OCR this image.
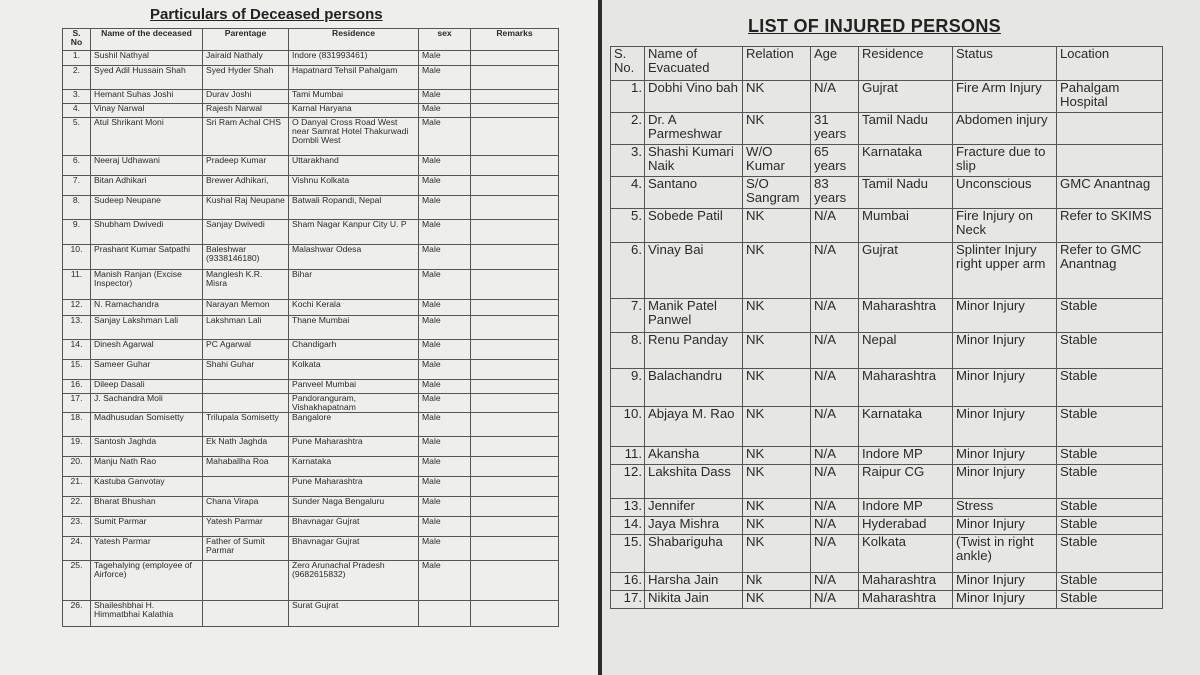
Particulars of Deceased persons
S. No	Name of the deceased	Parentage	Residence	sex	Remarks
1.	Sushil Nathyal	Jairaid Nathaly	Indore (831993461)	Male	
2.	Syed Adil Hussain Shah	Syed Hyder Shah	Hapatnard Tehsil Pahalgam	Male	
3.	Hemant Suhas Joshi	Durav Joshi	Tami Mumbai	Male	
4.	Vinay Narwal	Rajesh Narwal	Karnal Haryana	Male	
5.	Atul Shrikant Moni	Sri Ram Achal CHS	O Danyal Cross Road West near Samrat Hotel Thakurwadi Dombli West	Male	
6.	Neeraj Udhawani	Pradeep Kumar	Uttarakhand	Male	
7.	Bitan Adhikari	Brewer Adhikari,	Vishnu Kolkata	Male	
8.	Sudeep Neupane	Kushal Raj Neupane	Batwali Ropandi, Nepal	Male	
9.	Shubham Dwivedi	Sanjay Dwivedi	Sham Nagar Kanpur City U. P	Male	
10.	Prashant Kumar Satpathi	Baleshwar (9338146180)	Malashwar Odesa	Male	
11.	Manish Ranjan (Excise Inspector)	Manglesh K.R. Misra	Bihar	Male	
12.	N. Ramachandra	Narayan Memon	Kochi Kerala	Male	
13.	Sanjay Lakshman Lali	Lakshman Lali	Thane Mumbai	Male	
14.	Dinesh Agarwal	PC Agarwal	Chandigarh	Male	
15.	Sameer Guhar	Shahi Guhar	Kolkata	Male	
16.	Dileep Dasali		Panveel Mumbai	Male	
17.	J. Sachandra Moli		Pandoranguram, Vishakhapatnam	Male	
18.	Madhusudan Somisetty	Trilupala Somisetty	Bangalore	Male	
19.	Santosh Jaghda	Ek Nath Jaghda	Pune Maharashtra	Male	
20.	Manju Nath Rao	Mahaballha Roa	Karnataka	Male	
21.	Kastuba Ganvotay		Pune Maharashtra	Male	
22.	Bharat Bhushan	Chana Virapa	Sunder Naga Bengaluru	Male	
23.	Sumit Parmar	Yatesh Parmar	Bhavnagar Gujrat	Male	
24.	Yatesh Parmar	Father of Sumit Parmar	Bhavnagar Gujrat	Male	
25.	Tagehalying (employee of Airforce)		Zero Arunachal Pradesh (9682615832)	Male	
26.	Shaileshbhai H. Himmatbhai Kalathia		Surat Gujrat		
LIST OF INJURED PERSONS
S. No.	Name of Evacuated	Relation	Age	Residence	Status	Location
1.	Dobhi Vino bah	NK	N/A	Gujrat	Fire Arm Injury	Pahalgam Hospital
2.	Dr. A Parmeshwar	NK	31 years	Tamil Nadu	Abdomen injury	
3.	Shashi Kumari Naik	W/O Kumar	65 years	Karnataka	Fracture due to slip	
4.	Santano	S/O Sangram	83 years	Tamil Nadu	Unconscious	GMC Anantnag
5.	Sobede Patil	NK	N/A	Mumbai	Fire Injury on Neck	Refer to SKIMS
6.	Vinay Bai	NK	N/A	Gujrat	Splinter Injury right upper arm	Refer to GMC Anantnag
7.	Manik Patel Panwel	NK	N/A	Maharashtra	Minor Injury	Stable
8.	Renu Panday	NK	N/A	Nepal	Minor Injury	Stable
9.	Balachandru	NK	N/A	Maharashtra	Minor Injury	Stable
10.	Abjaya M. Rao	NK	N/A	Karnataka	Minor Injury	Stable
11.	Akansha	NK	N/A	Indore MP	Minor Injury	Stable
12.	Lakshita Dass	NK	N/A	Raipur CG	Minor Injury	Stable
13.	Jennifer	NK	N/A	Indore MP	Stress	Stable
14.	Jaya Mishra	NK	N/A	Hyderabad	Minor Injury	Stable
15.	Shabariguha	NK	N/A	Kolkata	(Twist in right ankle)	Stable
16.	Harsha Jain	Nk	N/A	Maharashtra	Minor Injury	Stable
17.	Nikita Jain	NK	N/A	Maharashtra	Minor Injury	Stable
